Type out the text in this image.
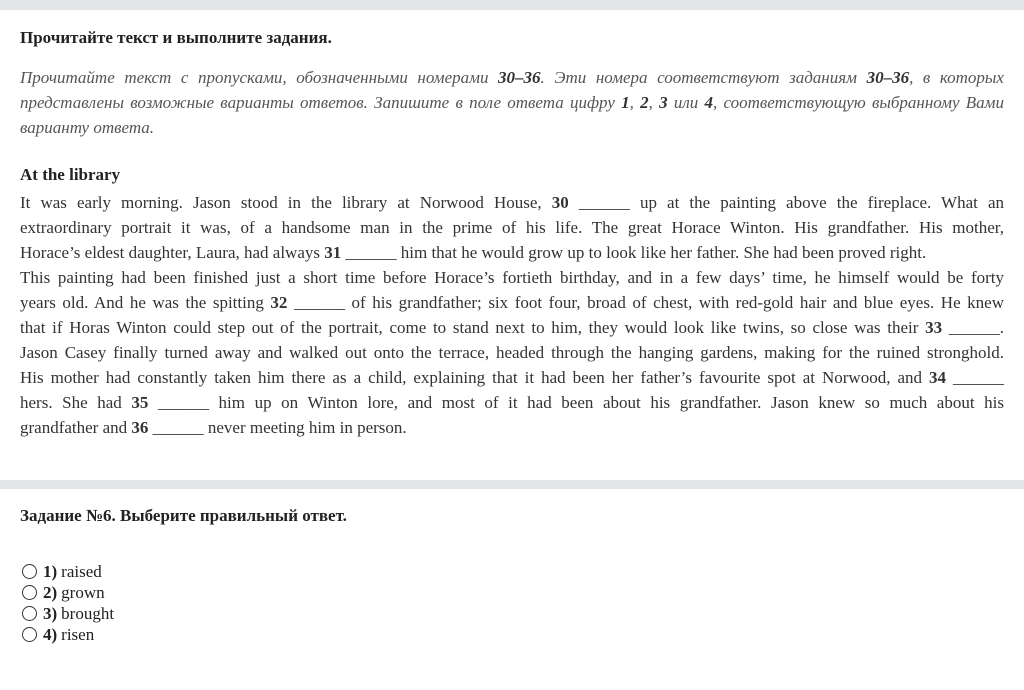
Прочитайте текст и выполните задания.

Прочитайте текст с пропусками, обозначенными номерами 30–36. Эти номера соответствуют заданиям 30–36, в которых представлены возможные варианты ответов. Запишите в поле ответа цифру 1, 2, 3 или 4, соответствующую выбранному Вами варианту ответа.

At the library
It was early morning. Jason stood in the library at Norwood House, 30 ______ up at the painting above the fireplace. What an
extraordinary portrait it was, of a handsome man in the prime of his life. The great Horace Winton. His grandfather. His mother,
Horace’s eldest daughter, Laura, had always 31 ______ him that he would grow up to look like her father. She had been proved right.
This painting had been finished just a short time before Horace’s fortieth birthday, and in a few days’ time, he himself would be forty
years old. And he was the spitting 32 ______ of his grandfather; six foot four, broad of chest, with red-gold hair and blue eyes. He knew
that if Horas Winton could step out of the portrait, come to stand next to him, they would look like twins, so close was their 33 ______.
Jason Casey finally turned away and walked out onto the terrace, headed through the hanging gardens, making for the ruined stronghold.
His mother had constantly taken him there as a child, explaining that it had been her father’s favourite spot at Norwood, and 34 ______
hers. She had 35 ______ him up on Winton lore, and most of it had been about his grandfather. Jason knew so much about his
grandfather and 36 ______ never meeting him in person.
Задание №6. Выберите правильный ответ.
1) raised
2) grown
3) brought
4) risen
